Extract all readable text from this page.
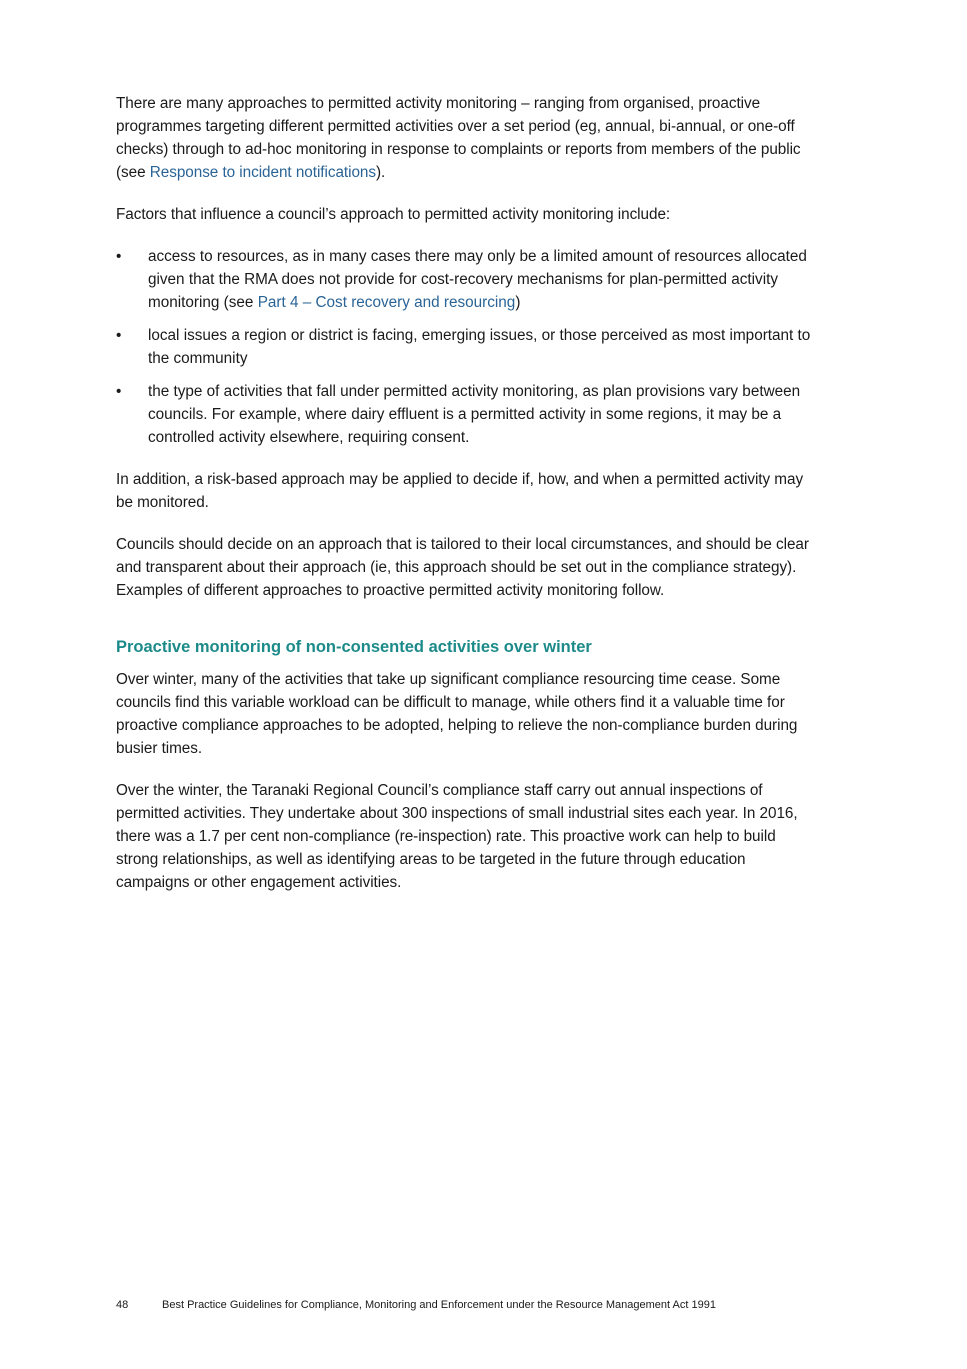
There are many approaches to permitted activity monitoring – ranging from organised, proactive programmes targeting different permitted activities over a set period (eg, annual, bi-annual, or one-off checks) through to ad-hoc monitoring in response to complaints or reports from members of the public (see Response to incident notifications).

Factors that influence a council’s approach to permitted activity monitoring include:

•	access to resources, as in many cases there may only be a limited amount of resources allocated given that the RMA does not provide for cost-recovery mechanisms for plan-permitted activity monitoring (see Part 4 – Cost recovery and resourcing)
•	local issues a region or district is facing, emerging issues, or those perceived as most important to the community
•	the type of activities that fall under permitted activity monitoring, as plan provisions vary between councils. For example, where dairy effluent is a permitted activity in some regions, it may be a controlled activity elsewhere, requiring consent.

In addition, a risk-based approach may be applied to decide if, how, and when a permitted activity may be monitored.

Councils should decide on an approach that is tailored to their local circumstances, and should be clear and transparent about their approach (ie, this approach should be set out in the compliance strategy). Examples of different approaches to proactive permitted activity monitoring follow.

Proactive monitoring of non-consented activities over winter

Over winter, many of the activities that take up significant compliance resourcing time cease. Some councils find this variable workload can be difficult to manage, while others find it a valuable time for proactive compliance approaches to be adopted, helping to relieve the non-compliance burden during busier times.

Over the winter, the Taranaki Regional Council’s compliance staff carry out annual inspections of permitted activities. They undertake about 300 inspections of small industrial sites each year. In 2016, there was a 1.7 per cent non-compliance (re-inspection) rate. This proactive work can help to build strong relationships, as well as identifying areas to be targeted in the future through education campaigns or other engagement activities.

48	Best Practice Guidelines for Compliance, Monitoring and Enforcement under the Resource Management Act 1991
